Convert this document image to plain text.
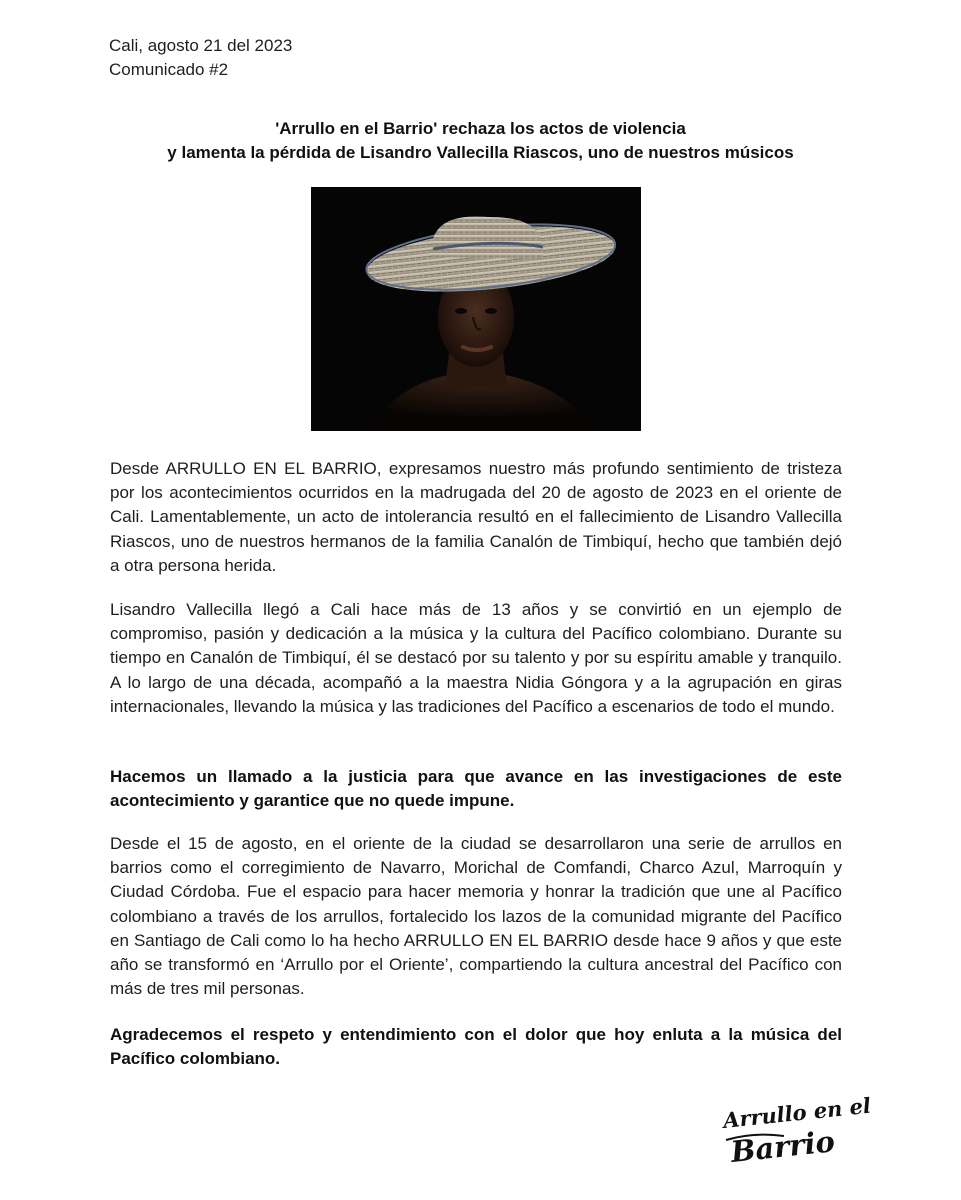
Cali, agosto 21 del 2023
Comunicado #2
'Arrullo en el Barrio' rechaza los actos de violencia
y lamenta la pérdida de Lisandro Vallecilla Riascos, uno de nuestros músicos

Desde ARRULLO EN EL BARRIO, expresamos nuestro más profundo sentimiento de tristeza por los acontecimientos ocurridos en la madrugada del 20 de agosto de 2023 en el oriente de Cali. Lamentablemente, un acto de intolerancia resultó en el fallecimiento de Lisandro Vallecilla Riascos, uno de nuestros hermanos de la familia Canalón de Timbiquí, hecho que también dejó a otra persona herida.

Lisandro Vallecilla llegó a Cali hace más de 13 años y se convirtió en un ejemplo de compromiso, pasión y dedicación a la música y la cultura del Pacífico colombiano. Durante su tiempo en Canalón de Timbiquí, él se destacó por su talento y por su espíritu amable y tranquilo. A lo largo de una década, acompañó a la maestra Nidia Góngora y a la agrupación en giras internacionales, llevando la música y las tradiciones del Pacífico a escenarios de todo el mundo.

Hacemos un llamado a la justicia para que avance en las investigaciones de este acontecimiento y garantice que no quede impune.

Desde el 15 de agosto, en el oriente de la ciudad se desarrollaron una serie de arrullos en barrios como el corregimiento de Navarro, Morichal de Comfandi, Charco Azul, Marroquín y Ciudad Córdoba. Fue el espacio para hacer memoria y honrar la tradición que une al Pacífico colombiano a través de los arrullos, fortalecido los lazos de la comunidad migrante del Pacífico en Santiago de Cali como lo ha hecho ARRULLO EN EL BARRIO desde hace 9 años y que este año se transformó en ‘Arrullo por el Oriente’, compartiendo la cultura ancestral del Pacífico con más de tres mil personas.

Agradecemos el respeto y entendimiento con el dolor que hoy enluta a la música del Pacífico colombiano.

Arrullo en el
Barrio
